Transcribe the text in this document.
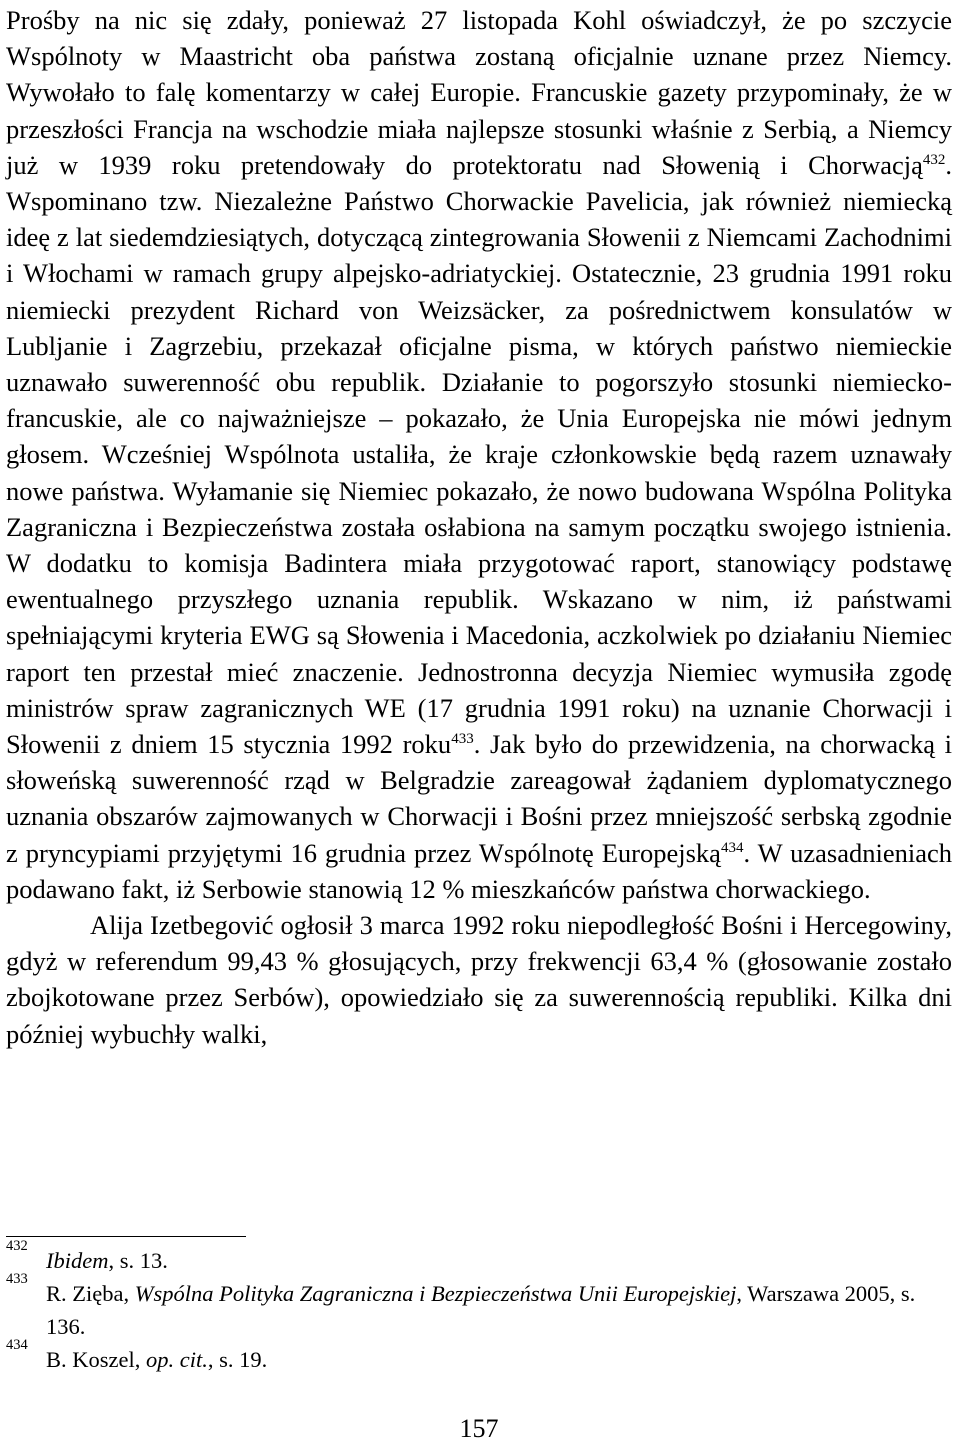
Prośby na nic się zdały, ponieważ 27 listopada Kohl oświadczył, że po szczycie Wspólnoty w Maastricht oba państwa zostaną oficjalnie uznane przez Niemcy. Wywołało to falę komentarzy w całej Europie. Francuskie gazety przypominały, że w przeszłości Francja na wschodzie miała najlepsze stosunki właśnie z Serbią, a Niemcy już w 1939 roku pretendowały do protektoratu nad Słowenią i Chorwacją$^{432}$. Wspominano tzw. Niezależne Państwo Chorwackie Pavelicia, jak również niemiecką ideę z lat siedemdziesiątych, dotyczącą zintegrowania Słowenii z Niemcami Zachodnimi i Włochami w ramach grupy alpejsko-adriatyckiej. Ostatecznie, 23 grudnia 1991 roku niemiecki prezydent Richard von Weizsäcker, za pośrednictwem konsulatów w Lubljanie i Zagrzebiu, przekazał oficjalne pisma, w których państwo niemieckie uznawało suwerenność obu republik. Działanie to pogorszyło stosunki niemiecko-francuskie, ale co najważniejsze – pokazało, że Unia Europejska nie mówi jednym głosem. Wcześniej Wspólnota ustaliła, że kraje członkowskie będą razem uznawały nowe państwa. Wyłamanie się Niemiec pokazało, że nowo budowana Wspólna Polityka Zagraniczna i Bezpieczeństwa została osłabiona na samym początku swojego istnienia. W dodatku to komisja Badintera miała przygotować raport, stanowiący podstawę ewentualnego przyszłego uznania republik. Wskazano w nim, iż państwami spełniającymi kryteria EWG są Słowenia i Macedonia, aczkolwiek po działaniu Niemiec raport ten przestał mieć znaczenie. Jednostronna decyzja Niemiec wymusiła zgodę ministrów spraw zagranicznych WE (17 grudnia 1991 roku) na uznanie Chorwacji i Słowenii z dniem 15 stycznia 1992 roku$^{433}$. Jak było do przewidzenia, na chorwacką i słoweńską suwerenność rząd w Belgradzie zareagował żądaniem dyplomatycznego uznania obszarów zajmowanych w Chorwacji i Bośni przez mniejszość serbską zgodnie z pryncypiami przyjętymi 16 grudnia przez Wspólnotę Europejską$^{434}$. W uzasadnieniach podawano fakt, iż Serbowie stanowią 12 % mieszkańców państwa chorwackiego.

Alija Izetbegović ogłosił 3 marca 1992 roku niepodległość Bośni i Hercegowiny, gdyż w referendum 99,43 % głosujących, przy frekwencji 63,4 % (głosowanie zostało zbojkotowane przez Serbów), opowiedziało się za suwerennością republiki. Kilka dni później wybuchły walki,

432
Ibidem, s. 13.
433
R. Zięba, Wspólna Polityka Zagraniczna i Bezpieczeństwa Unii Europejskiej, Warszawa 2005, s. 136.
434
B. Koszel, op. cit., s. 19.
157
